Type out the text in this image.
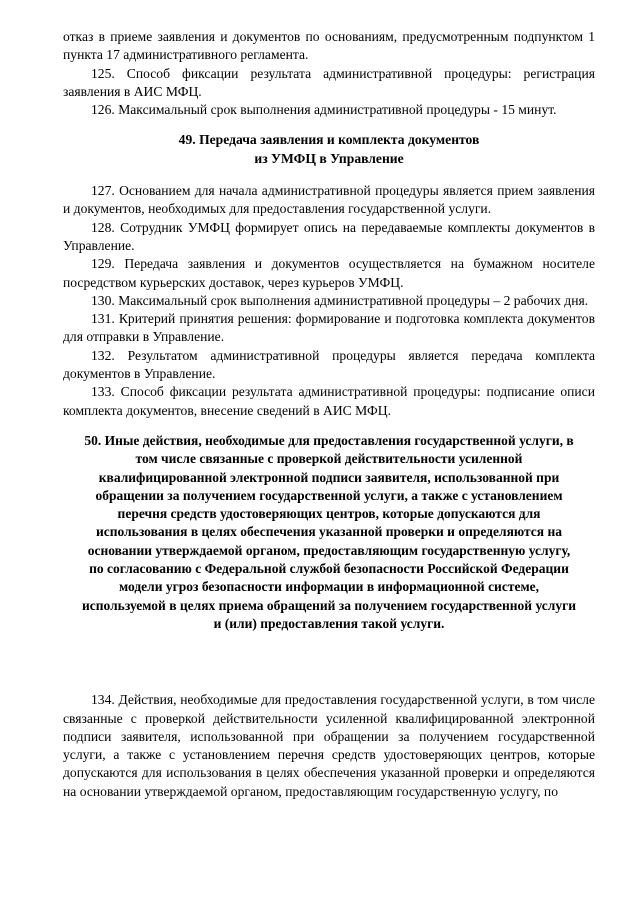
отказ в приеме заявления и документов по основаниям, предусмотренным подпунктом 1 пункта 17 административного регламента.

125. Способ фиксации результата административной процедуры: регистрация заявления в АИС МФЦ.

126. Максимальный срок выполнения административной процедуры - 15 минут.

49. Передача заявления и комплекта документов

из УМФЦ в Управление

127. Основанием для начала административной процедуры является прием заявления и документов, необходимых для предоставления государственной услуги.

128. Сотрудник УМФЦ формирует опись на передаваемые комплекты документов в Управление.

129. Передача заявления и документов осуществляется на бумажном носителе посредством курьерских доставок, через курьеров УМФЦ.

130. Максимальный срок выполнения административной процедуры – 2 рабочих дня.

131. Критерий принятия решения: формирование и подготовка комплекта документов для отправки в Управление.

132. Результатом административной процедуры является передача комплекта документов в Управление.

133. Способ фиксации результата административной процедуры: подписание описи комплекта документов, внесение сведений в АИС МФЦ.

50. Иные действия, необходимые для предоставления государственной услуги, в том числе связанные с проверкой действительности усиленной квалифицированной электронной подписи заявителя, использованной при обращении за получением государственной услуги, а также с установлением перечня средств удостоверяющих центров, которые допускаются для использования в целях обеспечения указанной проверки и определяются на основании утверждаемой органом, предоставляющим государственную услугу, по согласованию с Федеральной службой безопасности Российской Федерации модели угроз безопасности информации в информационной системе, используемой в целях приема обращений за получением государственной услуги и (или) предоставления такой услуги.

134. Действия, необходимые для предоставления государственной услуги, в том числе связанные с проверкой действительности усиленной квалифицированной электронной подписи заявителя, использованной при обращении за получением государственной услуги, а также с установлением перечня средств удостоверяющих центров, которые допускаются для использования в целях обеспечения указанной проверки и определяются на основании утверждаемой органом, предоставляющим государственную услугу, по
